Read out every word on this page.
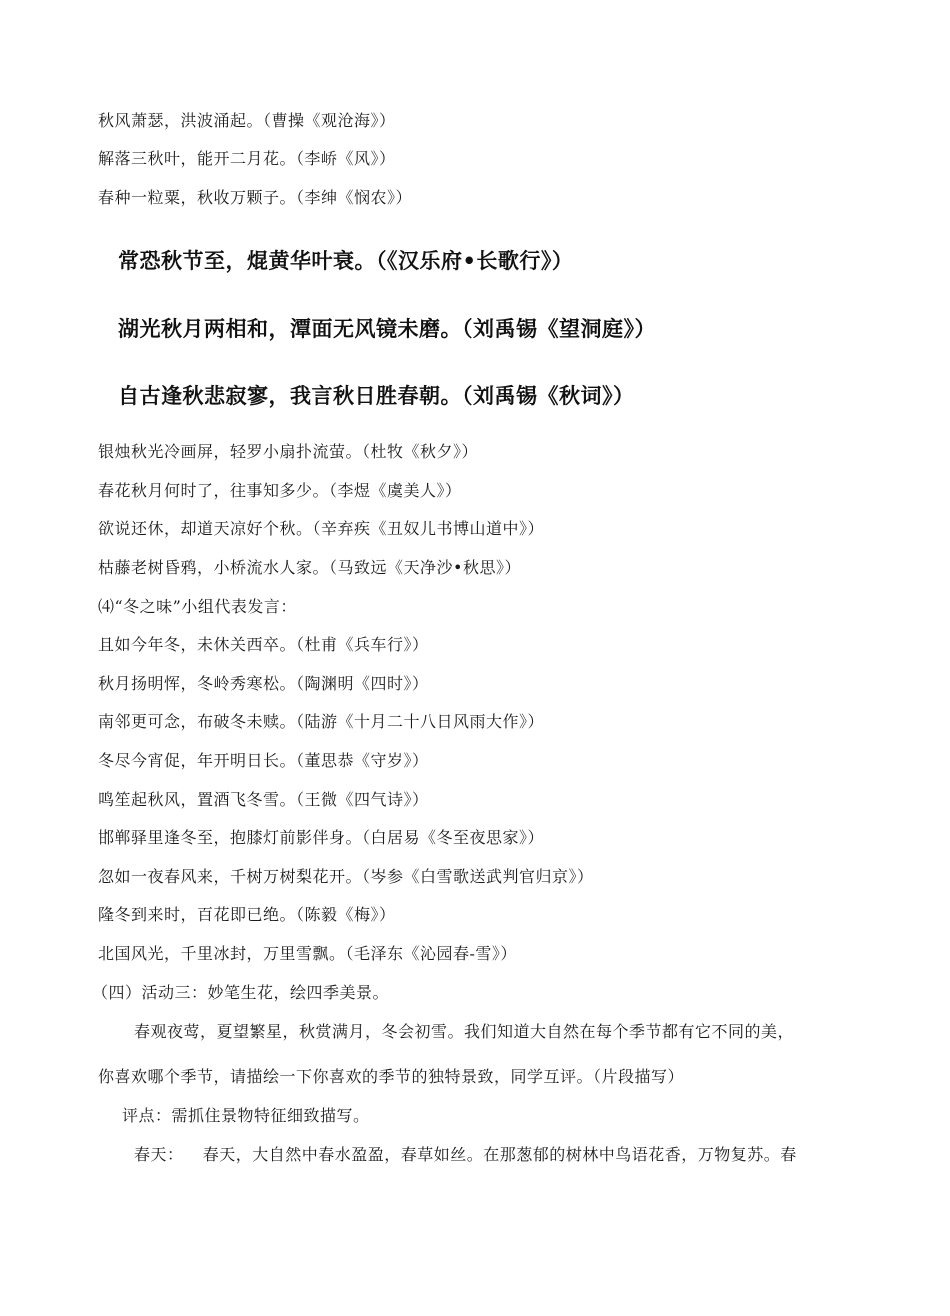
秋风萧瑟，洪波涌起。（曹操《观沧海》）
解落三秋叶，能开二月花。（李峤《风》）
春种一粒粟，秋收万颗子。（李绅《悯农》）
常恐秋节至，焜黄华叶衰。（《汉乐府•长歌行》）
湖光秋月两相和，潭面无风镜未磨。（刘禹锡《望洞庭》）
自古逢秋悲寂寥，我言秋日胜春朝。（刘禹锡《秋词》）
银烛秋光冷画屏，轻罗小扇扑流萤。（杜牧《秋夕》）
春花秋月何时了，往事知多少。（李煜《虞美人》）
欲说还休，却道天凉好个秋。（辛弃疾《丑奴儿书博山道中》）
枯藤老树昏鸦，小桥流水人家。（马致远《天净沙•秋思》）
⑷“冬之味”小组代表发言：
且如今年冬，未休关西卒。（杜甫《兵车行》）
秋月扬明恽，冬岭秀寒松。（陶渊明《四时》）
南邻更可念，布破冬未赎。（陆游《十月二十八日风雨大作》）
冬尽今宵促，年开明日长。（董思恭《守岁》）
鸣笙起秋风，置酒飞冬雪。（王微《四气诗》）
邯郸驿里逢冬至，抱膝灯前影伴身。（白居易《冬至夜思家》）
忽如一夜春风来，千树万树梨花开。（岑参《白雪歌送武判官归京》）
隆冬到来时，百花即已绝。（陈毅《梅》）
北国风光，千里冰封，万里雪飘。（毛泽东《沁园春-雪》）
（四）活动三：妙笔生花，绘四季美景。
春观夜莺，夏望繁星，秋赏满月，冬会初雪。我们知道大自然在每个季节都有它不同的美，
你喜欢哪个季节，请描绘一下你喜欢的季节的独特景致，同学互评。（片段描写）
评点：需抓住景物特征细致描写。
春天： 春天，大自然中春水盈盈，春草如丝。在那葱郁的树林中鸟语花香，万物复苏。春
